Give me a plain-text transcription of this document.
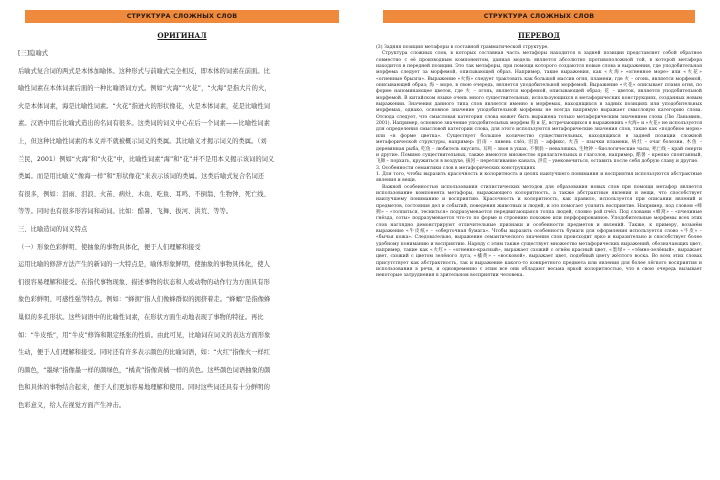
СТРУКТУРА СЛОЖНЫХ СЛОВ
ОРИГИНАЛ

[三]隐喻式

后喻式复合词的两式是本体加喻体。这种形式与前喻式完全相反，即本体的词素在前面。比

喻性词素在本体词素后面的一种比喻语词方式。例如“火海”“火花”，“火海”是指大片的火，

火是本体词素，海是比喻性词素。“火花”指迸火的形状像花，火是本体词素，花是比喻性词

素。汉语中用后比喻式造出的名词有很多。这类词的词义中心在后一个词素——比喻性词素

上，但这种比喻性词素的本义并不就被概示词义的类属。其比喻义才揭示词义的类属。（刘

兰民，2001）例如“火海”和“火花”中，比喻性词素“海”和“花”并不是用本义揭示该词的词义

类属。而是用比喻义“像海一样”和“形状像花”来表示该词的类属。这类后喻式复合名词还

有很多，例如：泪雨、泪浪、火苗、病灶、木鱼、吃鱼、耳鸣、不倒翁、生物钟、死亡线、

等等。同时也有很多形容词和动词。比如：酷暑、飞舞、拔河、洪荒、等等。

三、比喻造词的词义特点

（一）形象色彩鲜明、使抽象的事物具体化，便于人们理解和接受

运用比喻的修辞方法产生的新词的一大特点是，喻体形象鲜明，使抽象的事物具体化，使人

们很容易理解和接受。在指代事物现象、描述事物的状态和人或动物的动作行为方面具有形

象色彩鲜明、可感性强等特点。例如：“蜂拥”指人们像蜂群似的拥挤着走。“蜂蛹”是指像蜂

巢似的多孔形状。这些词语中的比喻性词素，在形状方面生动地表现了事物的特征。再比

如：“牛皮纸”，用“牛皮”修饰和限定纸张的性质。由此可见，比喻词在词义的表达方面形象

生动，便于人们理解和接受。同时还有许多表示颜色的比喻词语，如：“火红”指像火一样红

的颜色，“墨绿”指像墨一样的颜绿色，“橘黄”指像黄橘一样的黄色。这些颜色词语抽象的颜

色和具体的事物结合起来，便于人们更加容易地理解和使用。同时这些词还具有十分鲜明的

色彩意义，给人在视觉方面产生冲击。

СТРУКТУРА СЛОЖНЫХ СЛОВ
ПЕРЕВОД

(3) Задняя позиция метафоры в составной грамматической структуре.

Структура сложных слов, в которых составная часть метафоры находится в задней позиции представляет собой обратное совместно с её производным компонентом, данная модель является абсолютно противоположной той, в которой метафора находится в передней позиции. Это так метафоры, при помощи которого создаются новые слова и выражения, где уподобительная морфема следует за морфемой, описывающей образ. Например, такие выражения, как «火海» «огненное море» или «火花» «огненные брызги». Выражение «火海» следует трактовать как большой массив огня, пламени, где 火 – огонь, является морфемой, описывающей образ; 海 – море, в свою очередь, является уподобительной морфемой. Выражение «火花» описывает пламя огня, по форме напоминающее цветок, где 火 – огонь, является морфемой, описывающей образ; 花 – цветок, является уподобительной морфемой. В китайском языке очень много существительных, использующихся в метафорических конструкциях, созданных новым выражении. Значения данного типа слов является именно в морфемах, находящихся в задних позициях или уподобительных морфемах, однако, основное значение уподобительной морфемы не всегда напрямую выражает смысловую категорию слова. Отсюда следует, что смысловая категория слова может быть выражена только метафорическим значением слова (Лю Ланьминь, 2001). Например, основное значение уподобительных морфем 海 и 花, встречающихся в выражениях «火海» и «火花» не используется для определения смысловой категории слова, для этого используются метафорические значения слов, такие как «подобное морю» или «в форме цветка». Существует большое количество существительных, находящихся в задней позиции сложной метафорической структуры, например: 泪雨 – ливень слёз, 泪浪 – аффикс, 火苗 – язычки пламени, 病灶 – очаг болезни, 木鱼 – деревянная рыба, 吃鱼 – любитель вкусить, 耳鸣 – звон в ушах, 不倒翁 – неваляшка, 生物钟 – биологические часы, 死亡线 – край смерти и другие. Помимо существительных, также имеются множество прилагательных и глаголов, например, 酷暑 – крепко спонтанный, 飞舞 – порхать, кружиться в воздухе, 拔河 – перетягивание каната, 洪荒 – увековечиться, оставить после себя добрую славу и другие.

3. Особенности семантики слов в метафорических конструкциях

1. Для того, чтобы выразить красочность и колоритность и целях наилучшего понимания и восприятия используются абстрактные явления и вещи.

Важной особенностью использования стилистических методов для образования новых слов при помощи метафор является использование компонента метафоры, выражающего колоритность, а также абстрактные явления и вещи, что способствует наилучшему пониманию и восприятию. Красочность и колоритность, как правило, используется при описании явлений и предметов, состояния дел и событий, поведения животных и людей, и это помогает усилить восприятие. Например, под словом «蜂拥» – «толпиться, тесниться» подразумевается передвигающаяся толпа людей, словно рой пчёл. Под словами «蜂窝» – «пчелиные гнёзда, соты» подразумевается что-то по форме и строению похожее или перфорированное. Уподобительные морфемы всех этих слов наглядно демонстрируют отличительные признаки и особенности предметов и явлений. Также, к примеру, возьмём выражение «牛皮纸» – «оберточная бумага». Чтобы выразить особенность бумаги для оформления используется слово «牛皮» – «бычья кожа». Следовательно, выражение семантического значения слов происходит ярко и выразительно и способствует более удобному пониманию и восприятию. Наряду с этим также существует множество метафорических выражений, обозначающих цвет, например, такие как «火红» – «огненно-красный», выражает схожий с огнём красный цвет, «墨绿» – «тёмно-зелёный», выражает цвет, схожий с цветом зелёного луга, «橘黄» – «восковой», выражает цвет, подобный цвету жёлтого воска. Во всех этих словах присутствует как абстрактность, так и выражение какого-то конкретного предмета или явления для более лёгкого восприятия и использования в речи, и одновременно с этим все они обладают весьма яркой колоритностью, что в свою очередь вызывает некоторые затруднения в зрительном восприятии человека.
